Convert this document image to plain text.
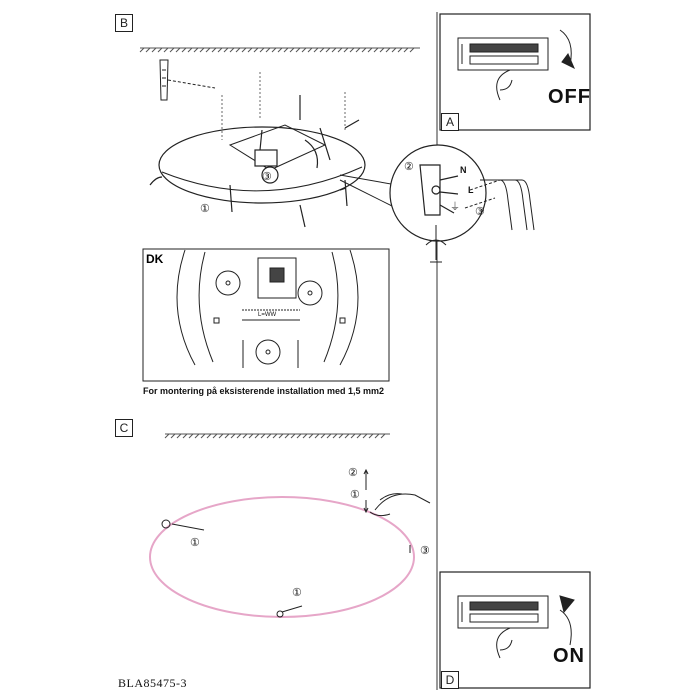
B
C
A
D
OFF
ON
DK
L=WW
For montering på eksisterende installation med 1,5 mm2
N
L
⏚
①
③
②
③
②
①
①
③
①
BLA85475-3
